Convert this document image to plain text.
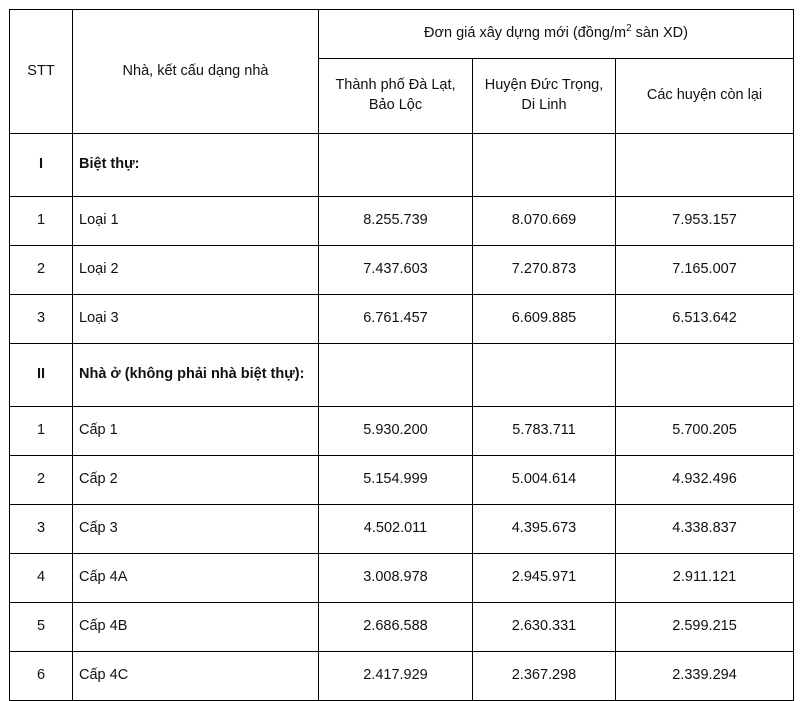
STT	Nhà, kết cấu dạng nhà	Đơn giá xây dựng mới ($đồng/m^2$ sàn XD)		
		Thành phố Đà Lạt, Bảo Lộc	Huyện Đức Trọng, Di Linh	Các huyện còn lại
I	Biệt thự:			
1	Loại 1	8.255.739	8.070.669	7.953.157
2	Loại 2	7.437.603	7.270.873	7.165.007
3	Loại 3	6.761.457	6.609.885	6.513.642
II	Nhà ở (không phải nhà biệt thự):			
1	Cấp 1	5.930.200	5.783.711	5.700.205
2	Cấp 2	5.154.999	5.004.614	4.932.496
3	Cấp 3	4.502.011	4.395.673	4.338.837
4	Cấp 4A	3.008.978	2.945.971	2.911.121
5	Cấp 4B	2.686.588	2.630.331	2.599.215
6	Cấp 4C	2.417.929	2.367.298	2.339.294
